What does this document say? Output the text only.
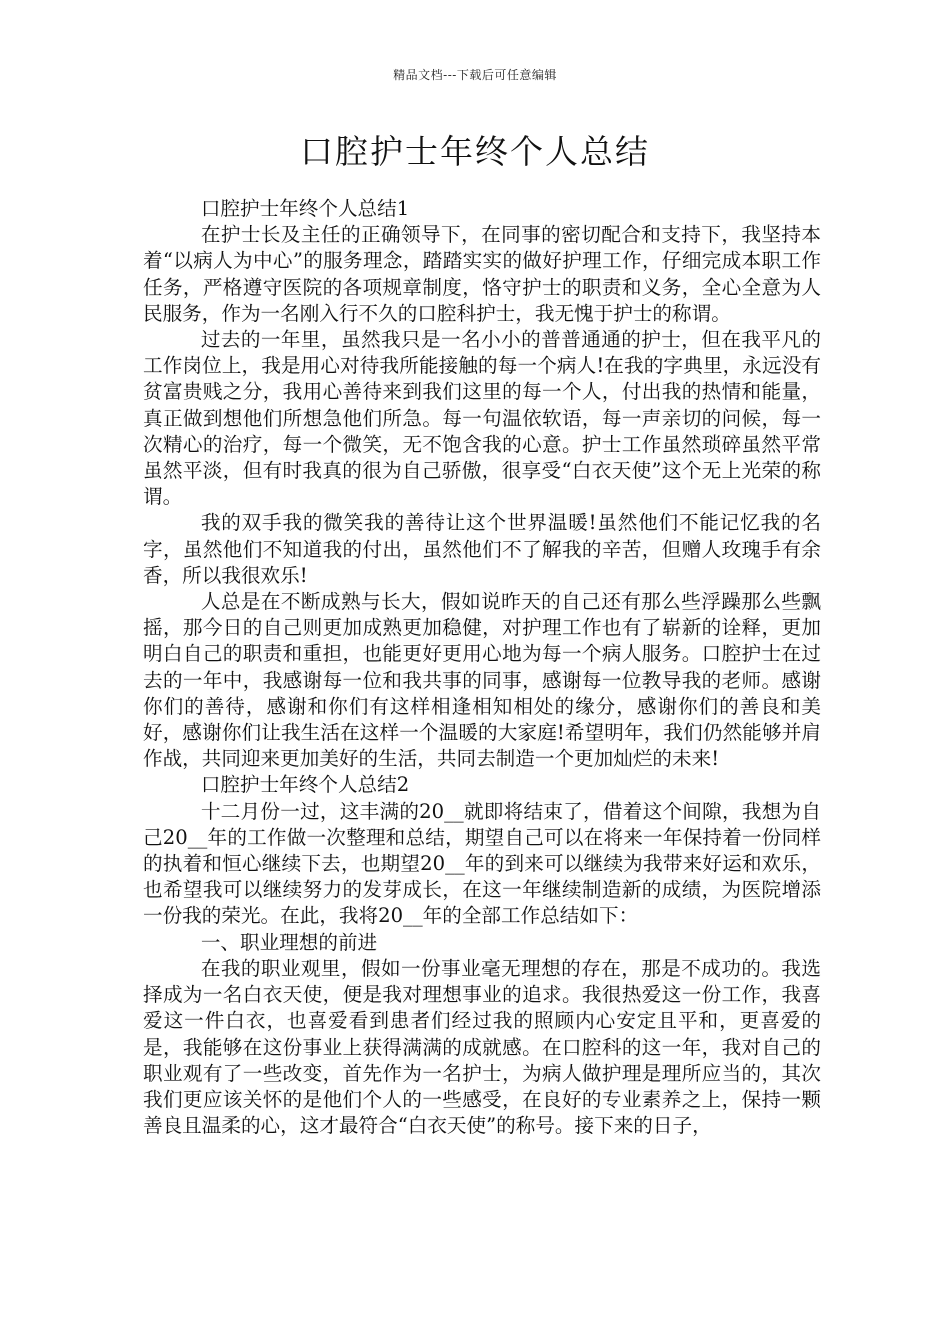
精品文档---下载后可任意编辑
口腔护士年终个人总结

口腔护士年终个人总结1

在护士长及主任的正确领导下，在同事的密切配合和支持下，我坚持本着“以病人为中心”的服务理念，踏踏实实的做好护理工作，仔细完成本职工作任务，严格遵守医院的各项规章制度，恪守护士的职责和义务，全心全意为人民服务，作为一名刚入行不久的口腔科护士，我无愧于护士的称谓。

过去的一年里，虽然我只是一名小小的普普通通的护士，但在我平凡的工作岗位上，我是用心对待我所能接触的每一个病人!在我的字典里，永远没有贫富贵贱之分，我用心善待来到我们这里的每一个人，付出我的热情和能量，真正做到想他们所想急他们所急。每一句温依软语，每一声亲切的问候，每一次精心的治疗，每一个微笑，无不饱含我的心意。护士工作虽然琐碎虽然平常虽然平淡，但有时我真的很为自己骄傲，很享受“白衣天使”这个无上光荣的称谓。

我的双手我的微笑我的善待让这个世界温暖!虽然他们不能记忆我的名字，虽然他们不知道我的付出，虽然他们不了解我的辛苦，但赠人玫瑰手有余香，所以我很欢乐!

人总是在不断成熟与长大，假如说昨天的自己还有那么些浮躁那么些飘摇，那今日的自己则更加成熟更加稳健，对护理工作也有了崭新的诠释，更加明白自己的职责和重担，也能更好更用心地为每一个病人服务。口腔护士在过去的一年中，我感谢每一位和我共事的同事，感谢每一位教导我的老师。感谢你们的善待，感谢和你们有这样相逢相知相处的缘分，感谢你们的善良和美好，感谢你们让我生活在这样一个温暖的大家庭!希望明年，我们仍然能够并肩作战，共同迎来更加美好的生活，共同去制造一个更加灿烂的未来!

口腔护士年终个人总结2

十二月份一过，这丰满的20__就即将结束了，借着这个间隙，我想为自己20__年的工作做一次整理和总结，期望自己可以在将来一年保持着一份同样的执着和恒心继续下去，也期望20__年的到来可以继续为我带来好运和欢乐，也希望我可以继续努力的发芽成长，在这一年继续制造新的成绩，为医院增添一份我的荣光。在此，我将20__年的全部工作总结如下：

一、职业理想的前进

在我的职业观里，假如一份事业毫无理想的存在，那是不成功的。我选择成为一名白衣天使，便是我对理想事业的追求。我很热爱这一份工作，我喜爱这一件白衣，也喜爱看到患者们经过我的照顾内心安定且平和，更喜爱的是，我能够在这份事业上获得满满的成就感。在口腔科的这一年，我对自己的职业观有了一些改变，首先作为一名护士，为病人做护理是理所应当的，其次我们更应该关怀的是他们个人的一些感受，在良好的专业素养之上，保持一颗善良且温柔的心，这才最符合“白衣天使”的称号。接下来的日子，
